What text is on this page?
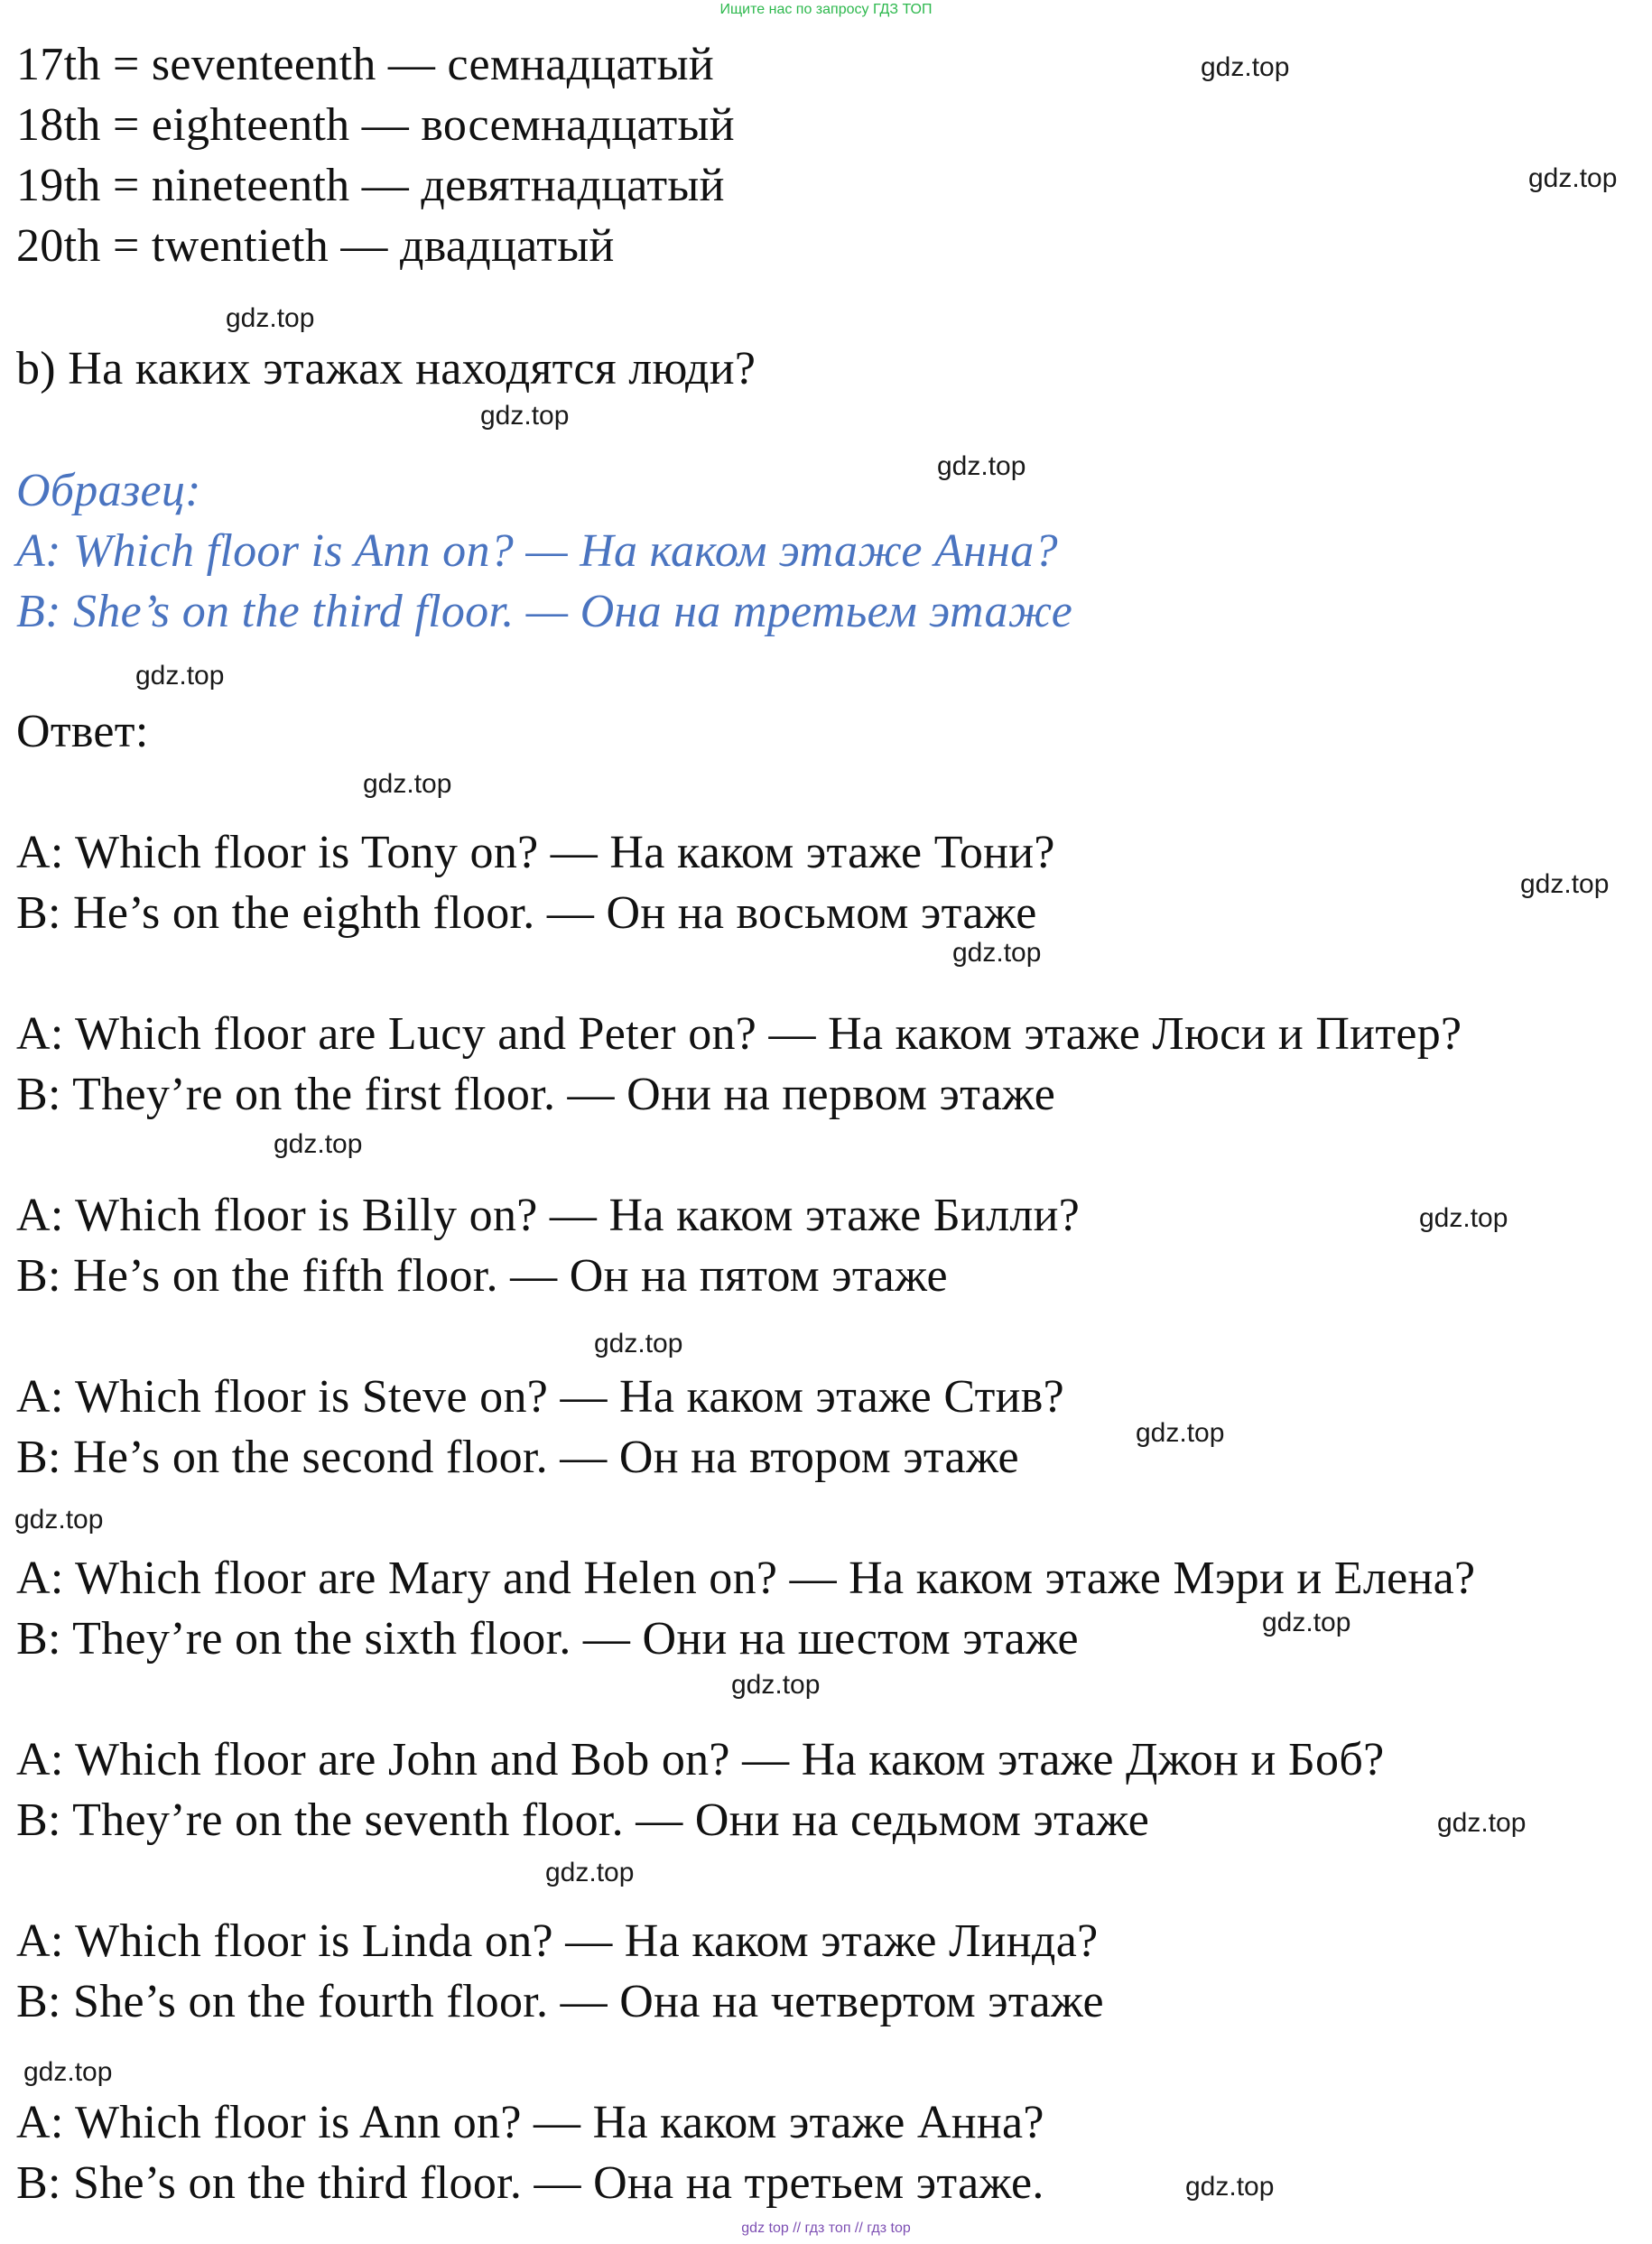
Ищите нас по запросу ГДЗ ТОП
17th = seventeenth — семнадцатый
18th = eighteenth — восемнадцатый
19th = nineteenth — девятнадцатый
20th = twentieth — двадцатый
b) На каких этажах находятся люди?
Образец:
A: Which floor is Ann on? — На каком этаже Анна?
B: She’s on the third floor. — Она на третьем этаже
Ответ:
A: Which floor is Tony on? — На каком этаже Тони?
B: He’s on the eighth floor. — Он на восьмом этаже
A: Which floor are Lucy and Peter on? — На каком этаже Люси и Питер?
B: They’re on the first floor. — Они на первом этаже
A: Which floor is Billy on? — На каком этаже Билли?
B: He’s on the fifth floor. — Он на пятом этаже
A: Which floor is Steve on? — На каком этаже Стив?
B: He’s on the second floor. — Он на втором этаже
A: Which floor are Mary and Helen on? — На каком этаже Мэри и Елена?
B: They’re on the sixth floor. — Они на шестом этаже
A: Which floor are John and Bob on? — На каком этаже Джон и Боб?
B: They’re on the seventh floor. — Они на седьмом этаже
A: Which floor is Linda on? — На каком этаже Линда?
B: She’s on the fourth floor. — Она на четвертом этаже
A: Which floor is Ann on? — На каком этаже Анна?
B: She’s on the third floor. — Она на третьем этаже.
gdz.top
gdz.top
gdz.top
gdz.top
gdz.top
gdz.top
gdz.top
gdz.top
gdz.top
gdz.top
gdz.top
gdz.top
gdz.top
gdz.top
gdz.top
gdz.top
gdz.top
gdz.top
gdz.top
gdz.top
gdz top // гдз топ // гдз top
